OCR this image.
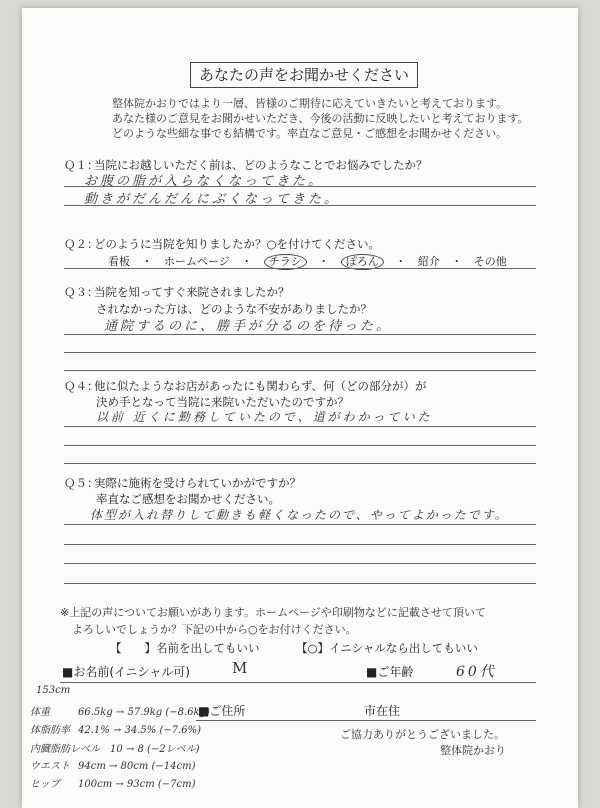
あなたの声をお聞かせください
整体院かおりではより一層、皆様のご期待に応えていきたいと考えております。
あなた様のご意見をお聞かせいただき、今後の活動に反映したいと考えております。
どのような些細な事でも結構です。率直なご意見・ご感想をお聞かせください。
Ｑ１：当院にお越しいただく前は、どのようなことでお悩みでしたか？
お腹の脂が入らなくなってきた。
動きがだんだんにぶくなってきた。
Ｑ２：どのように当院を知りましたか？○を付けてください。
看板 ・ ホームページ ・ チラシ ・ ぽろん ・ 紹介 ・ その他
Ｑ３：当院を知ってすぐ来院されましたか？
されなかった方は、どのような不安がありましたか？
通院するのに、勝手が分るのを待った。
Ｑ４：他に似たようなお店があったにも関わらず、何（どの部分が）が
決め手となって当院に来院いただいたのですか？
以前 近くに勤務していたので、道がわかっていた
Ｑ５：実際に施術を受けられていかがですか？
率直なご感想をお聞かせください。
体型が入れ替りして動きも軽くなったので、やってよかったです。
※上記の声についてお願いがあります。ホームページや印刷物などに記載させて頂いて
よろしいでしょうか？下記の中から○をお付けください。
【　　】名前を出してもいい	【○】イニシャルなら出してもいい
■お名前(イニシャル可)	M	■ご年齢	60代
153cm
体重	66.5kg → 57.9kg (−8.6kg)
体脂肪率 42.1% → 34.5% (−7.6%)
内臓脂肪レベル 10 → 8 (−2レベル)
ウエスト 94cm → 80cm (−14cm)
ヒップ 100cm → 93cm (−7cm)
■ご住所	市在住
ご協力ありがとうございました。
整体院かおり
